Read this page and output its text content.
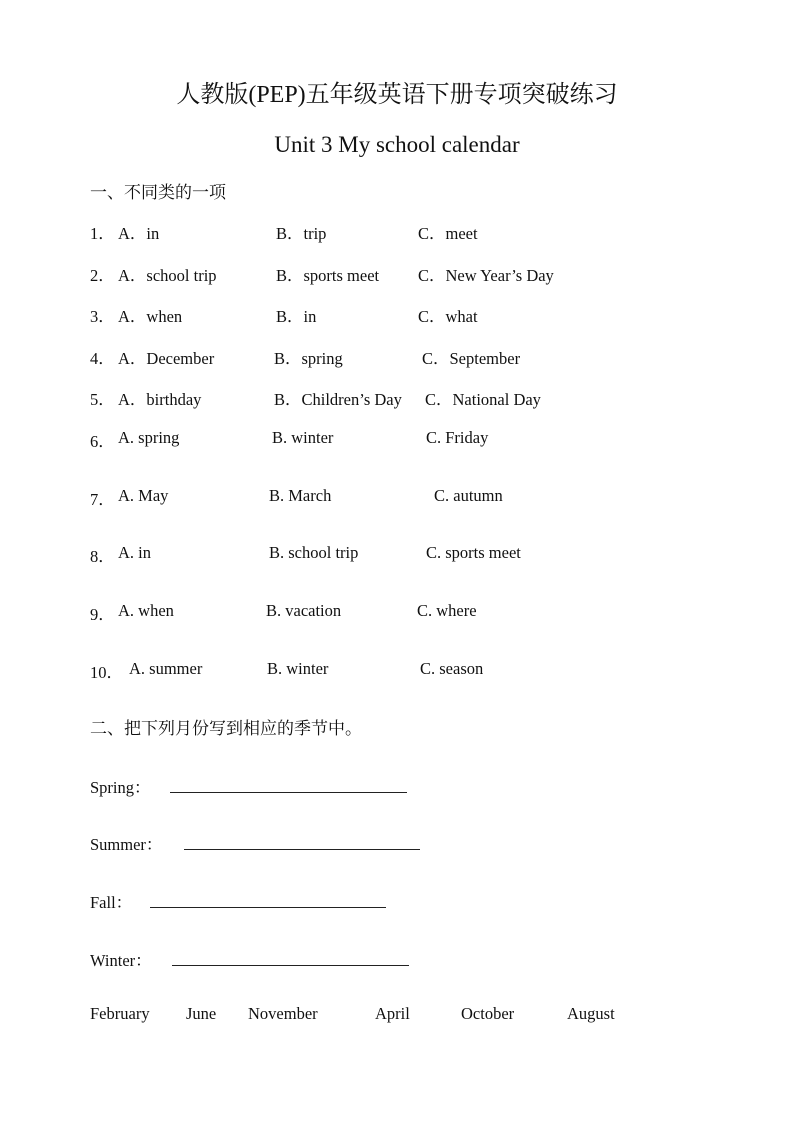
人教版(PEP)五年级英语下册专项突破练习
Unit 3 My school calendar
一、不同类的一项
1． A．in	B．trip	C．meet
2． A．school trip	B．sports meet C．New Year’s Day
3． A．when	B．in	C．what
4． A．December	B．spring	C．September
5． A．birthday	B．Children’s Day C．National Day
6． A. spring	B. winter	C. Friday
7． A. May	B. March	C. autumn
8． A. in	B. school trip	C. sports meet
9． A. when	B. vacation	C. where
10． A. summer	B. winter	C. season
二、把下列月份写到相应的季节中。
Spring：
Summer：
Fall：
Winter：
February June November	April	October	August
